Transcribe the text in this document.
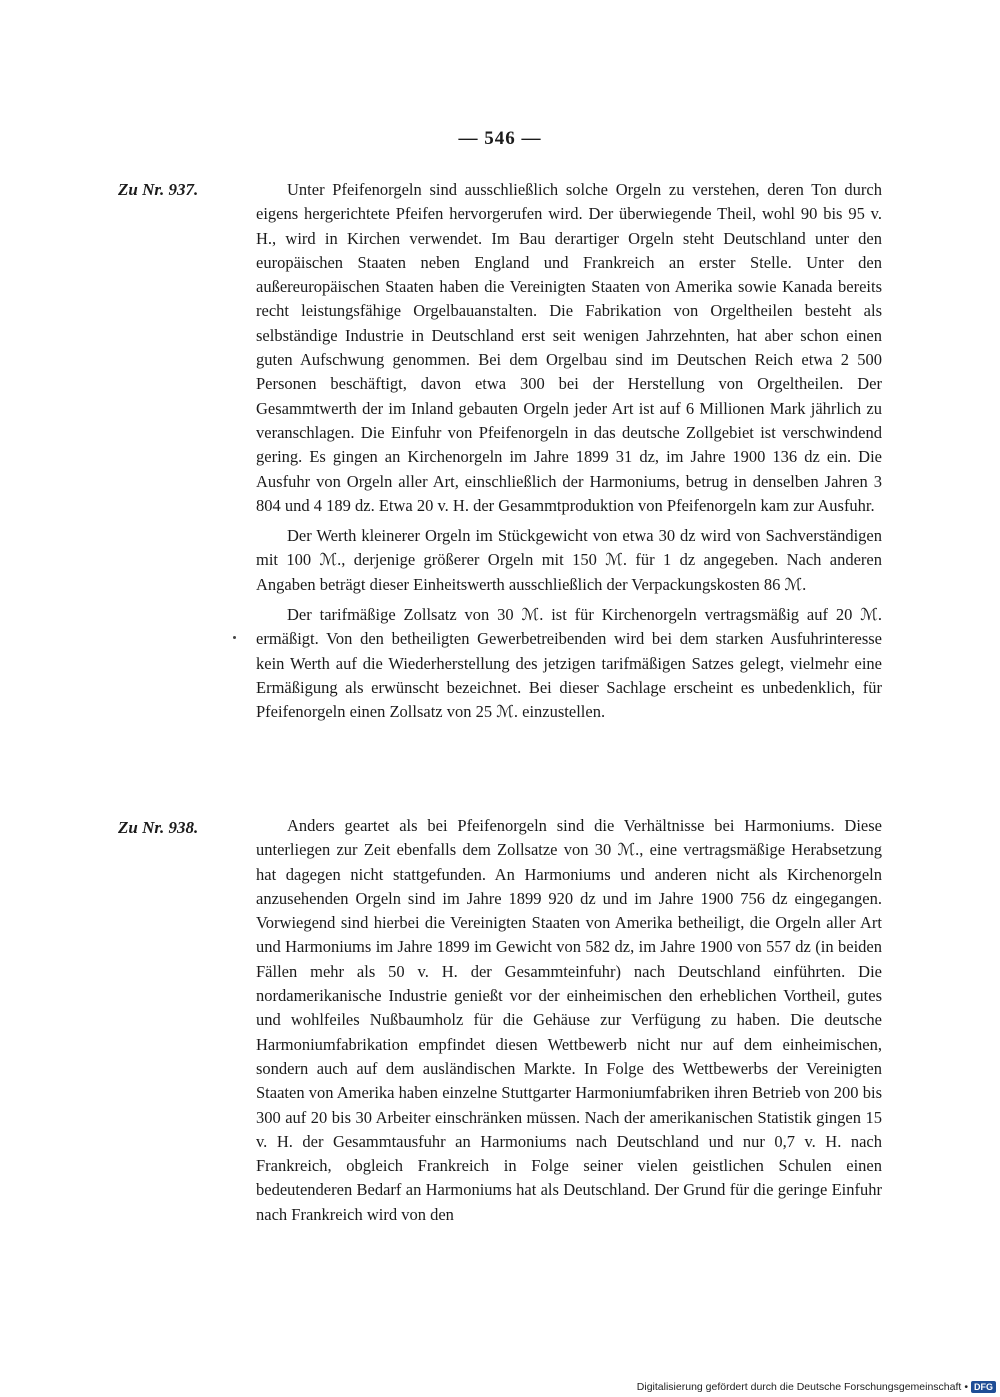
— 546 —
Zu Nr. 937.	Unter Pfeifenorgeln sind ausschließlich solche Orgeln zu verstehen, deren Ton durch eigens hergerichtete Pfeifen hervorgerufen wird. Der überwiegende Theil, wohl 90 bis 95 v. H., wird in Kirchen verwendet. Im Bau derartiger Orgeln steht Deutschland unter den europäischen Staaten neben England und Frankreich an erster Stelle. Unter den außereuropäischen Staaten haben die Vereinigten Staaten von Amerika sowie Kanada bereits recht leistungsfähige Orgelbauanstalten. Die Fabrikation von Orgeltheilen besteht als selbständige Industrie in Deutschland erst seit wenigen Jahrzehnten, hat aber schon einen guten Aufschwung genommen. Bei dem Orgelbau sind im Deutschen Reich etwa 2 500 Personen beschäftigt, davon etwa 300 bei der Herstellung von Orgeltheilen. Der Gesammtwerth der im Inland gebauten Orgeln jeder Art ist auf 6 Millionen Mark jährlich zu veranschlagen. Die Einfuhr von Pfeifenorgeln in das deutsche Zollgebiet ist verschwindend gering. Es gingen an Kirchenorgeln im Jahre 1899 31 dz, im Jahre 1900 136 dz ein. Die Ausfuhr von Orgeln aller Art, einschließlich der Harmoniums, betrug in denselben Jahren 3 804 und 4 189 dz. Etwa 20 v. H. der Gesammtproduktion von Pfeifenorgeln kam zur Ausfuhr.

Der Werth kleinerer Orgeln im Stückgewicht von etwa 30 dz wird von Sachverständigen mit 100 ℳ., derjenige größerer Orgeln mit 150 ℳ. für 1 dz angegeben. Nach anderen Angaben beträgt dieser Einheitswerth ausschließlich der Verpackungskosten 86 ℳ.

Der tarifmäßige Zollsatz von 30 ℳ. ist für Kirchenorgeln vertragsmäßig auf 20 ℳ. ermäßigt. Von den betheiligten Gewerbetreibenden wird bei dem starken Ausfuhrinteresse kein Werth auf die Wiederherstellung des jetzigen tarifmäßigen Satzes gelegt, vielmehr eine Ermäßigung als erwünscht bezeichnet. Bei dieser Sachlage erscheint es unbedenklich, für Pfeifenorgeln einen Zollsatz von 25 ℳ. einzustellen.

Zu Nr. 938.	Anders geartet als bei Pfeifenorgeln sind die Verhältnisse bei Harmoniums. Diese unterliegen zur Zeit ebenfalls dem Zollsatze von 30 ℳ., eine vertragsmäßige Herabsetzung hat dagegen nicht stattgefunden. An Harmoniums und anderen nicht als Kirchenorgeln anzusehenden Orgeln sind im Jahre 1899 920 dz und im Jahre 1900 756 dz eingegangen. Vorwiegend sind hierbei die Vereinigten Staaten von Amerika betheiligt, die Orgeln aller Art und Harmoniums im Jahre 1899 im Gewicht von 582 dz, im Jahre 1900 von 557 dz (in beiden Fällen mehr als 50 v. H. der Gesammteinfuhr) nach Deutschland einführten. Die nordamerikanische Industrie genießt vor der einheimischen den erheblichen Vortheil, gutes und wohlfeiles Nußbaumholz für die Gehäuse zur Verfügung zu haben. Die deutsche Harmoniumfabrikation empfindet diesen Wettbewerb nicht nur auf dem einheimischen, sondern auch auf dem ausländischen Markte. In Folge des Wettbewerbs der Vereinigten Staaten von Amerika haben einzelne Stuttgarter Harmoniumfabriken ihren Betrieb von 200 bis 300 auf 20 bis 30 Arbeiter einschränken müssen. Nach der amerikanischen Statistik gingen 15 v. H. der Gesammtausfuhr an Harmoniums nach Deutschland und nur 0,7 v. H. nach Frankreich, obgleich Frankreich in Folge seiner vielen geistlichen Schulen einen bedeutenderen Bedarf an Harmoniums hat als Deutschland. Der Grund für die geringe Einfuhr nach Frankreich wird von den

Digitalisierung gefördert durch die Deutsche Forschungsgemeinschaft • DFG
